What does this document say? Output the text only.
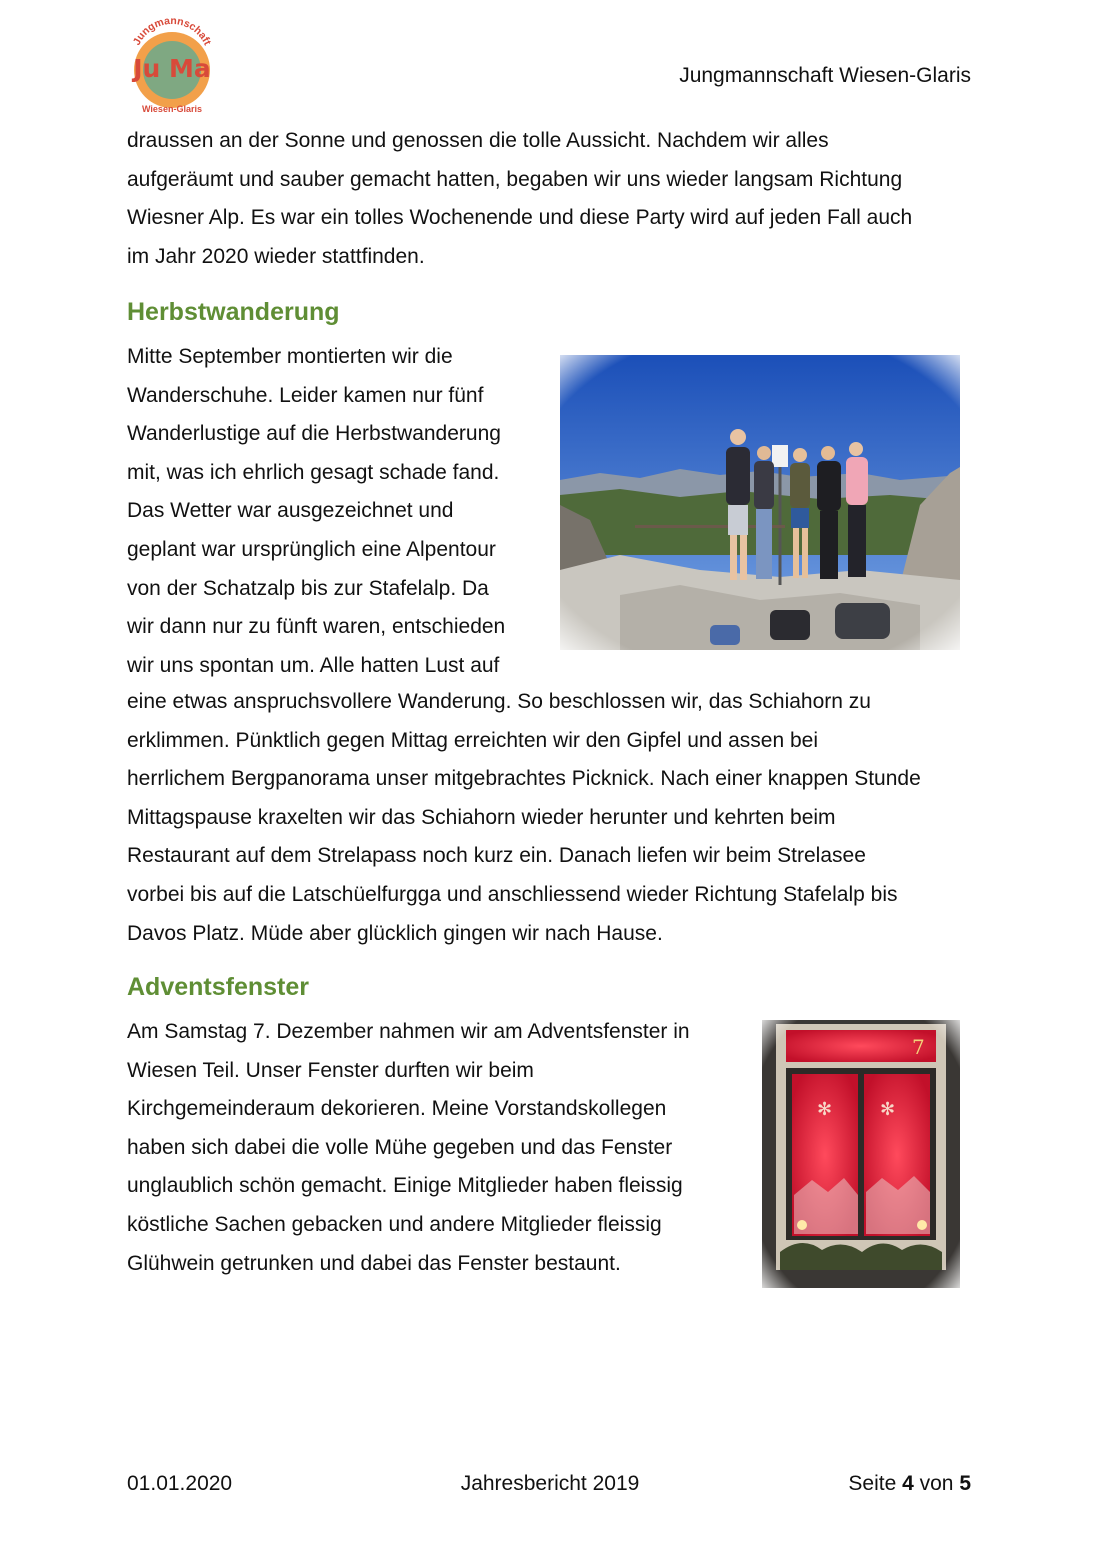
Jungmannschaft
Ju Ma
Wiesen-Glaris
Jungmannschaft Wiesen-Glaris
draussen an der Sonne und genossen die tolle Aussicht. Nachdem wir alles
aufgeräumt und sauber gemacht hatten, begaben wir uns wieder langsam Richtung
Wiesner Alp. Es war ein tolles Wochenende und diese Party wird auf jeden Fall auch
im Jahr 2020 wieder stattfinden.
Herbstwanderung
Mitte September montierten wir die
Wanderschuhe. Leider kamen nur fünf
Wanderlustige auf die Herbstwanderung
mit, was ich ehrlich gesagt schade fand.
Das Wetter war ausgezeichnet und
geplant war ursprünglich eine Alpentour
von der Schatzalp bis zur Stafelalp. Da
wir dann nur zu fünft waren, entschieden
wir uns spontan um. Alle hatten Lust auf
eine etwas anspruchsvollere Wanderung. So beschlossen wir, das Schiahorn zu
erklimmen. Pünktlich gegen Mittag erreichten wir den Gipfel und assen bei
herrlichem Bergpanorama unser mitgebrachtes Picknick. Nach einer knappen Stunde
Mittagspause kraxelten wir das Schiahorn wieder herunter und kehrten beim
Restaurant auf dem Strelapass noch kurz ein. Danach liefen wir beim Strelasee
vorbei bis auf die Latschüelfurgga und anschliessend wieder Richtung Stafelalp bis
Davos Platz. Müde aber glücklich gingen wir nach Hause.
Adventsfenster
Am Samstag 7. Dezember nahmen wir am Adventsfenster in
Wiesen Teil. Unser Fenster durften wir beim
Kirchgemeinderaum dekorieren. Meine Vorstandskollegen
haben sich dabei die volle Mühe gegeben und das Fenster
unglaublich schön gemacht. Einige Mitglieder haben fleissig
köstliche Sachen gebacken und andere Mitglieder fleissig
Glühwein getrunken und dabei das Fenster bestaunt.
01.01.2020	Jahresbericht 2019	Seite 4 von 5
